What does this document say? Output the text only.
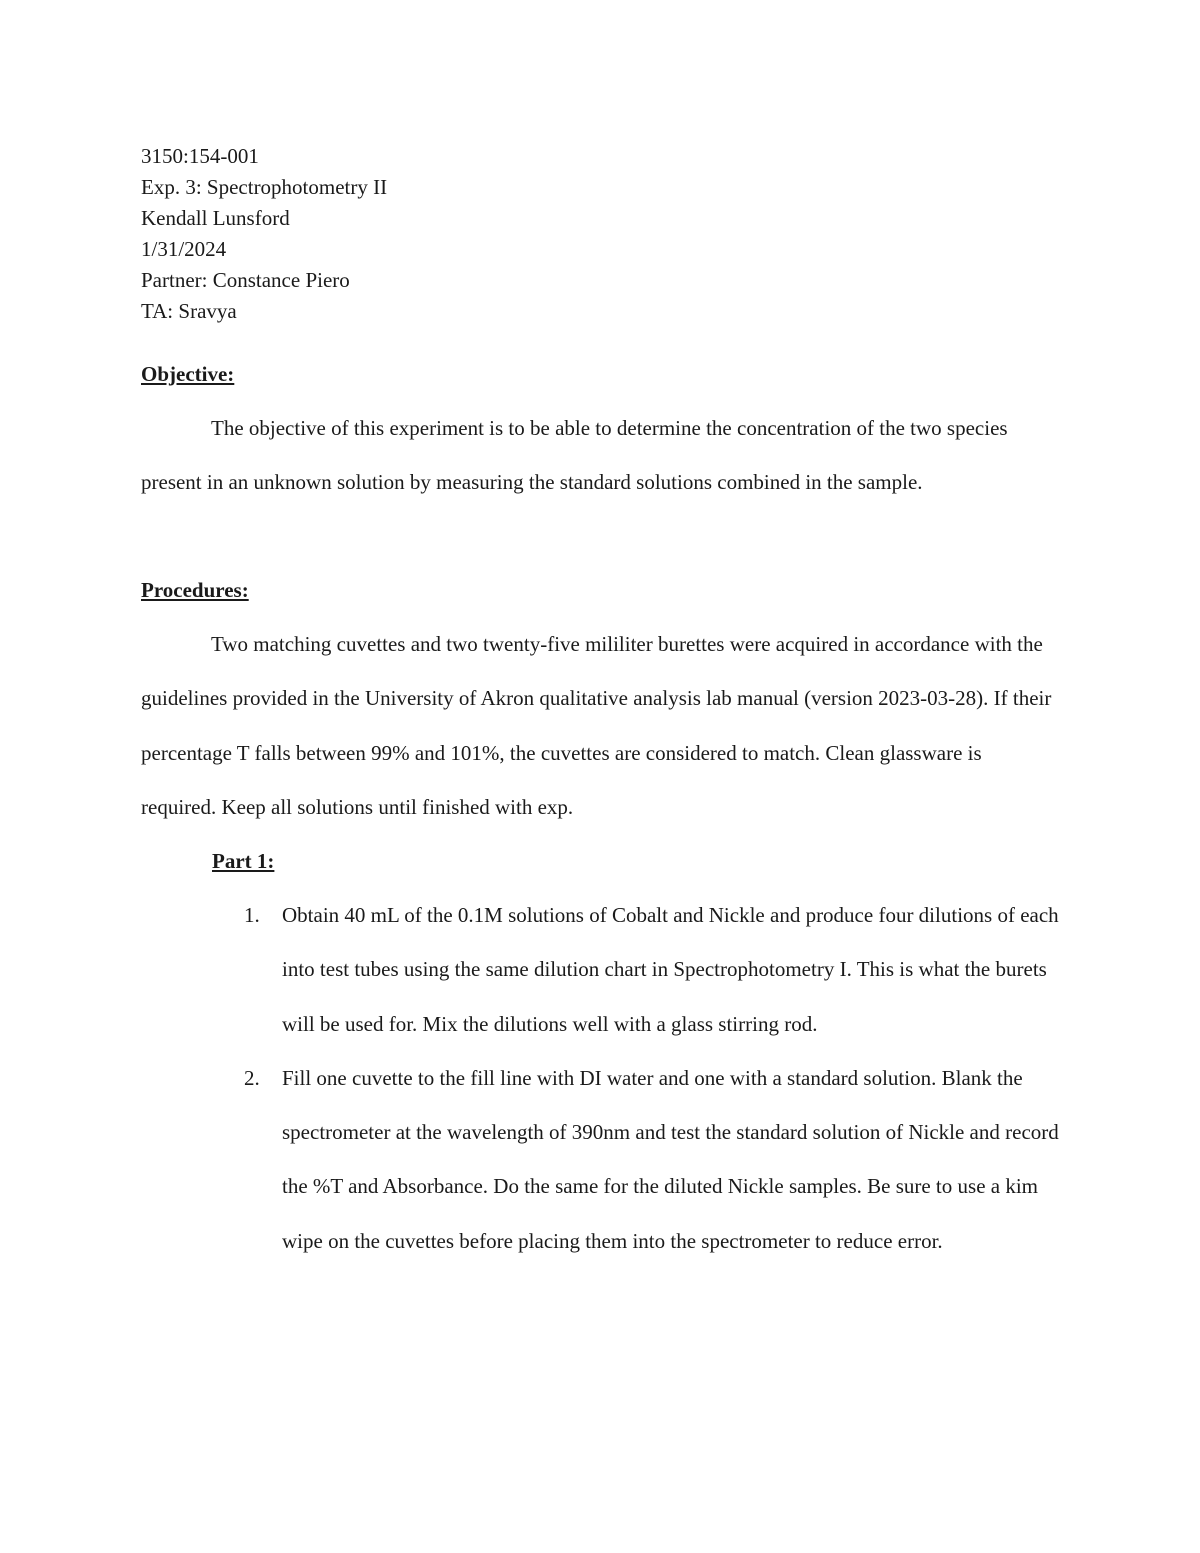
3150:154-001
Exp. 3: Spectrophotometry II
Kendall Lunsford
1/31/2024
Partner: Constance Piero
TA: Sravya
Objective:

The objective of this experiment is to be able to determine the concentration of the two species present in an unknown solution by measuring the standard solutions combined in the sample.

Procedures:

Two matching cuvettes and two twenty-five mililiter burettes were acquired in accordance with the guidelines provided in the University of Akron qualitative analysis lab manual (version 2023-03-28). If their percentage T falls between 99% and 101%, the cuvettes are considered to match. Clean glassware is required. Keep all solutions until finished with exp.

Part 1:
1. Obtain 40 mL of the 0.1M solutions of Cobalt and Nickle and produce four dilutions of each into test tubes using the same dilution chart in Spectrophotometry I. This is what the burets will be used for. Mix the dilutions well with a glass stirring rod.
2. Fill one cuvette to the fill line with DI water and one with a standard solution. Blank the spectrometer at the wavelength of 390nm and test the standard solution of Nickle and record the %T and Absorbance. Do the same for the diluted Nickle samples. Be sure to use a kim wipe on the cuvettes before placing them into the spectrometer to reduce error.
